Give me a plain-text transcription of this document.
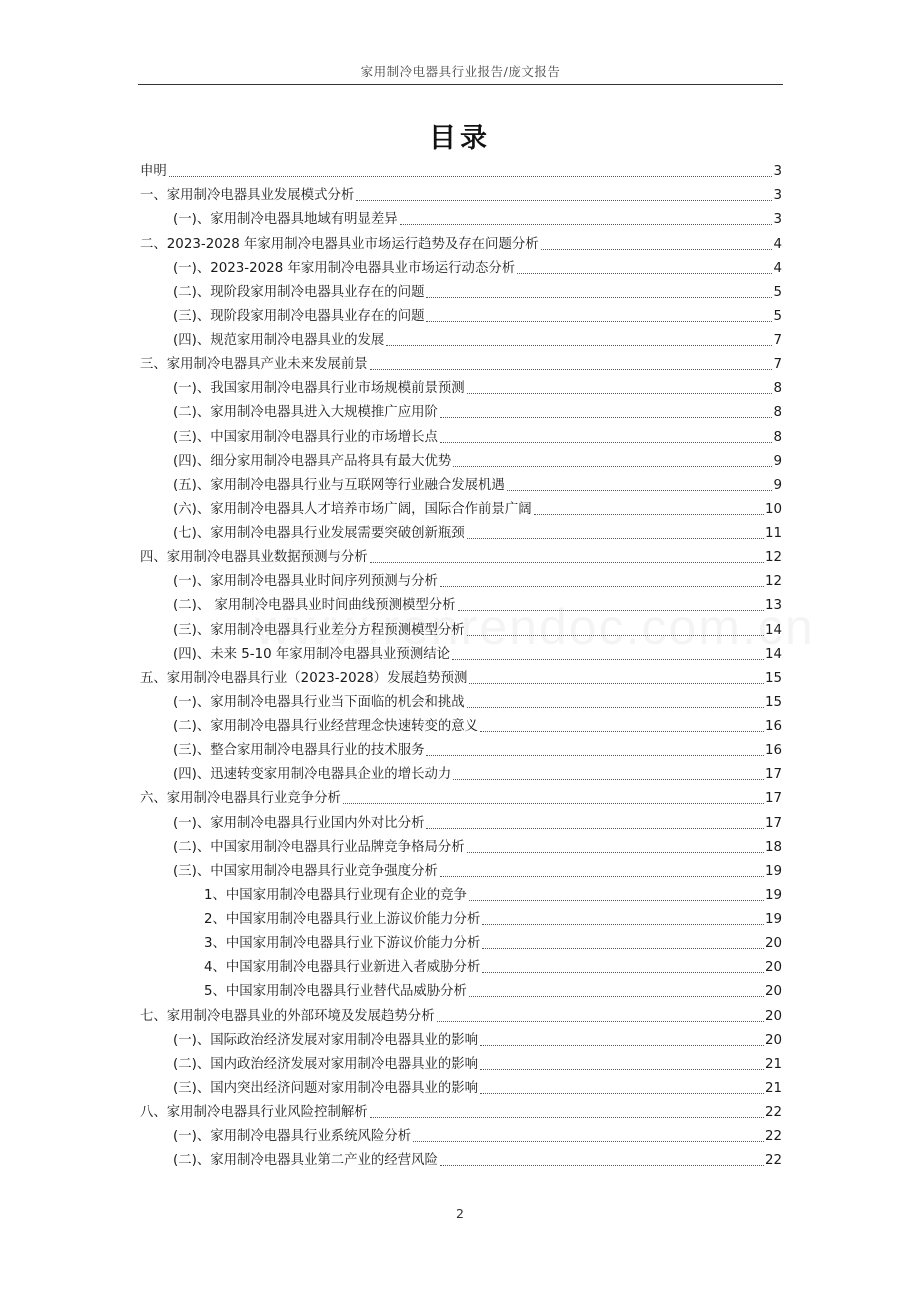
家用制冷电器具行业报告/庞文报告
目录
申明	3
一、家用制冷电器具业发展模式分析	3
(一)、家用制冷电器具地域有明显差异	3
二、2023-2028 年家用制冷电器具业市场运行趋势及存在问题分析	4
(一)、2023-2028 年家用制冷电器具业市场运行动态分析	4
(二)、现阶段家用制冷电器具业存在的问题	5
(三)、现阶段家用制冷电器具业存在的问题	5
(四)、规范家用制冷电器具业的发展	7
三、家用制冷电器具产业未来发展前景	7
(一)、我国家用制冷电器具行业市场规模前景预测	8
(二)、家用制冷电器具进入大规模推广应用阶	8
(三)、中国家用制冷电器具行业的市场增长点	8
(四)、细分家用制冷电器具产品将具有最大优势	9
(五)、家用制冷电器具行业与互联网等行业融合发展机遇	9
(六)、家用制冷电器具人才培养市场广阔，国际合作前景广阔	10
(七)、家用制冷电器具行业发展需要突破创新瓶颈	11
四、家用制冷电器具业数据预测与分析	12
(一)、家用制冷电器具业时间序列预测与分析	12
(二)、 家用制冷电器具业时间曲线预测模型分析	13
(三)、家用制冷电器具行业差分方程预测模型分析	14
(四)、未来 5-10 年家用制冷电器具业预测结论	14
五、家用制冷电器具行业（2023-2028）发展趋势预测	15
(一)、家用制冷电器具行业当下面临的机会和挑战	15
(二)、家用制冷电器具行业经营理念快速转变的意义	16
(三)、整合家用制冷电器具行业的技术服务	16
(四)、迅速转变家用制冷电器具企业的增长动力	17
六、家用制冷电器具行业竞争分析	17
(一)、家用制冷电器具行业国内外对比分析	17
(二)、中国家用制冷电器具行业品牌竞争格局分析	18
(三)、中国家用制冷电器具行业竞争强度分析	19
1、中国家用制冷电器具行业现有企业的竞争	19
2、中国家用制冷电器具行业上游议价能力分析	19
3、中国家用制冷电器具行业下游议价能力分析	20
4、中国家用制冷电器具行业新进入者威胁分析	20
5、中国家用制冷电器具行业替代品威胁分析	20
七、家用制冷电器具业的外部环境及发展趋势分析	20
(一)、国际政治经济发展对家用制冷电器具业的影响	20
(二)、国内政治经济发展对家用制冷电器具业的影响	21
(三)、国内突出经济问题对家用制冷电器具业的影响	21
八、家用制冷电器具行业风险控制解析	22
(一)、家用制冷电器具行业系统风险分析	22
(二)、家用制冷电器具业第二产业的经营风险	22
2
